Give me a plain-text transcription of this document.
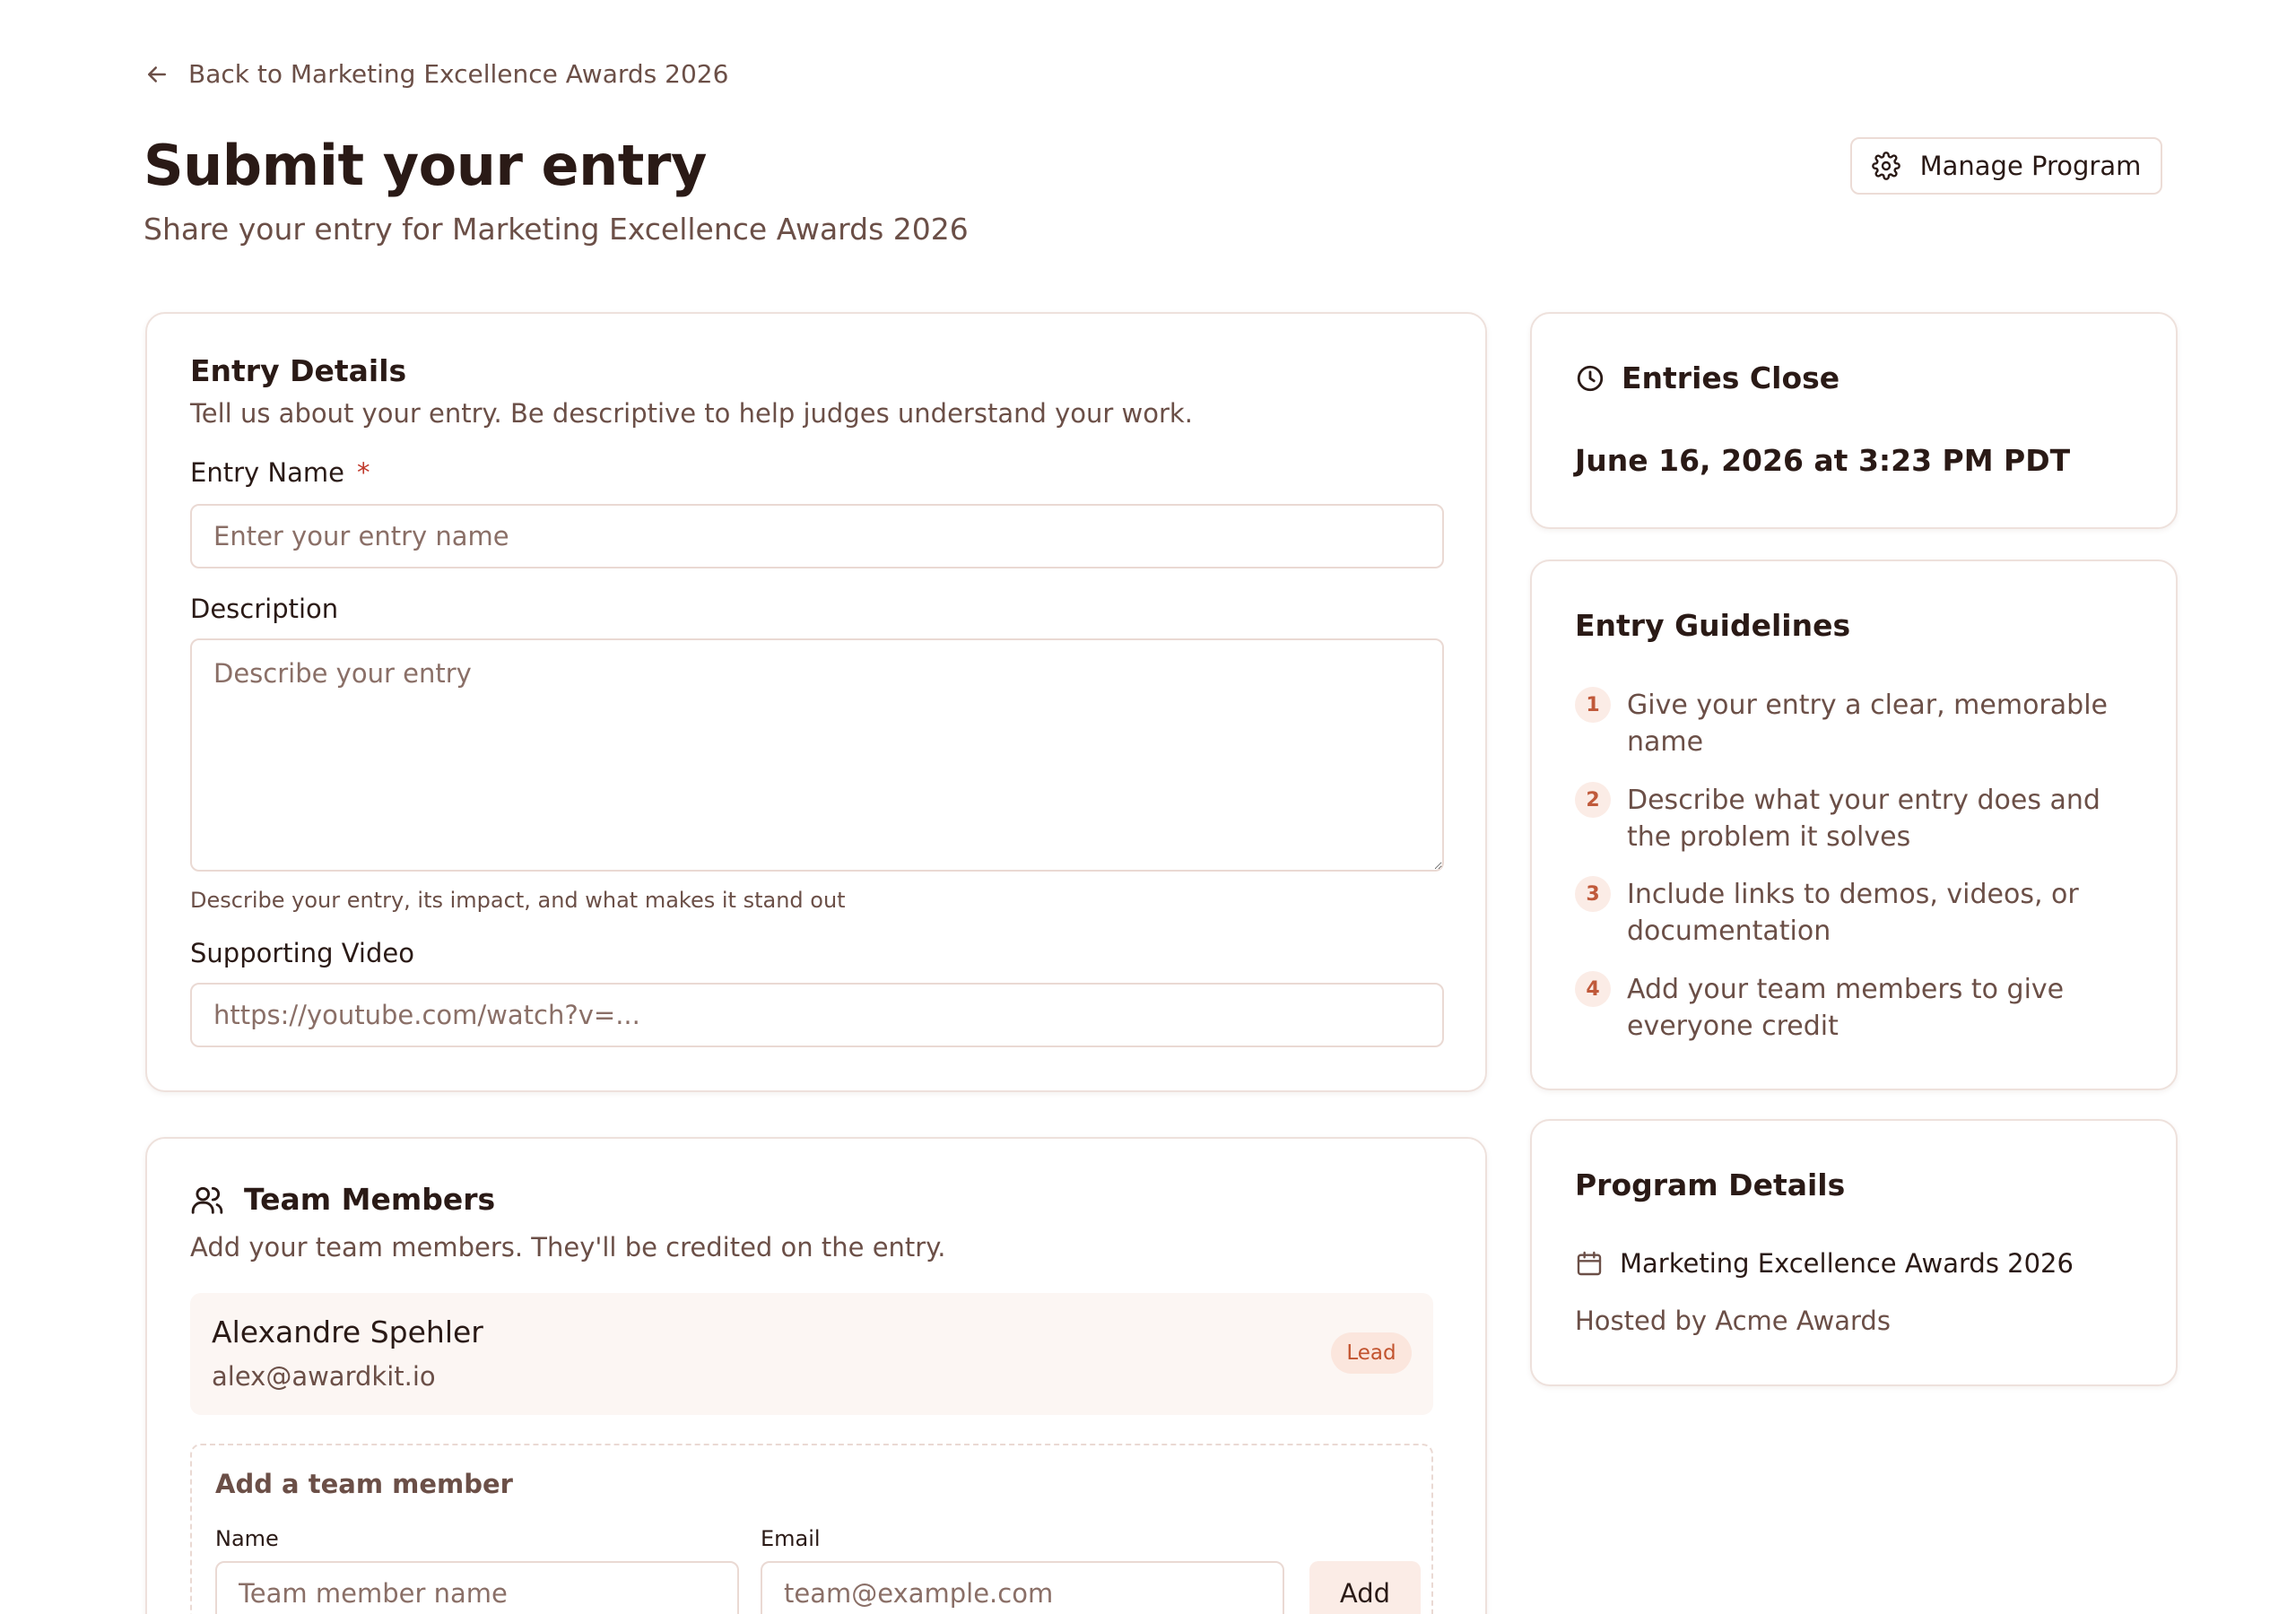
Back to Marketing Excellence Awards 2026
Submit your entry
Share your entry for Marketing Excellence Awards 2026
Manage Program
Entry Details
Tell us about your entry. Be descriptive to help judges understand your work.
Entry Name *
Enter your entry name
Description
Describe your entry
Describe your entry, its impact, and what makes it stand out
Supporting Video
https://youtube.com/watch?v=...
Team Members
Add your team members. They'll be credited on the entry.
Alexandre Spehler
alex@awardkit.io
Lead
Add a team member
Name
Team member name	Email
team@example.com
Add
Entries Close
June 16, 2026 at 3:23 PM PDT
Entry Guidelines
1	Give your entry a clear, memorable name
2	Describe what your entry does and the problem it solves
3	Include links to demos, videos, or documentation
4	Add your team members to give everyone credit
Program Details
Marketing Excellence Awards 2026
Hosted by Acme Awards
